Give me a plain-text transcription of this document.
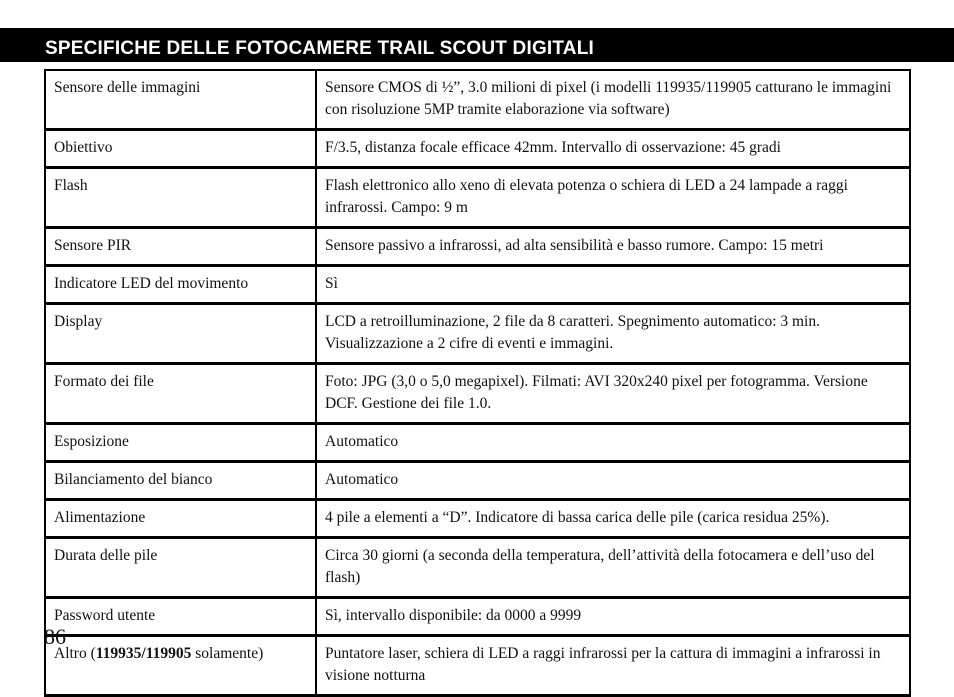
SPECIFICHE DELLE FOTOCAMERE TRAIL SCOUT DIGITALI
Sensore delle immagini	Sensore CMOS di ½”, 3.0 milioni di pixel (i modelli 119935/119905 catturano le immagini con risoluzione 5MP tramite elaborazione via software)
Obiettivo	F/3.5, distanza focale efficace 42mm. Intervallo di osservazione: 45 gradi
Flash	Flash elettronico allo xeno di elevata potenza o schiera di LED a 24 lampade a raggi infrarossi. Campo: 9 m
Sensore PIR	Sensore passivo a infrarossi, ad alta sensibilità e basso rumore. Campo: 15 metri
Indicatore LED del movimento	Sì
Display	LCD a retroilluminazione, 2 file da 8 caratteri. Spegnimento automatico: 3 min. Visualizzazione a 2 cifre di eventi e immagini.
Formato dei file	Foto: JPG (3,0 o 5,0 megapixel). Filmati: AVI 320x240 pixel per fotogramma. Versione DCF. Gestione dei file 1.0.
Esposizione	Automatico
Bilanciamento del bianco	Automatico
Alimentazione	4 pile a elementi a “D”. Indicatore di bassa carica delle pile (carica residua 25%).
Durata delle pile	Circa 30 giorni (a seconda della temperatura, dell’attività della fotocamera e dell’uso del flash)
Password utente	Sì, intervallo disponibile: da 0000 a 9999
Altro (119935/119905 solamente)	Puntatore laser, schiera di LED a raggi infrarossi per la cattura di immagini a infrarossi in visione notturna
86
